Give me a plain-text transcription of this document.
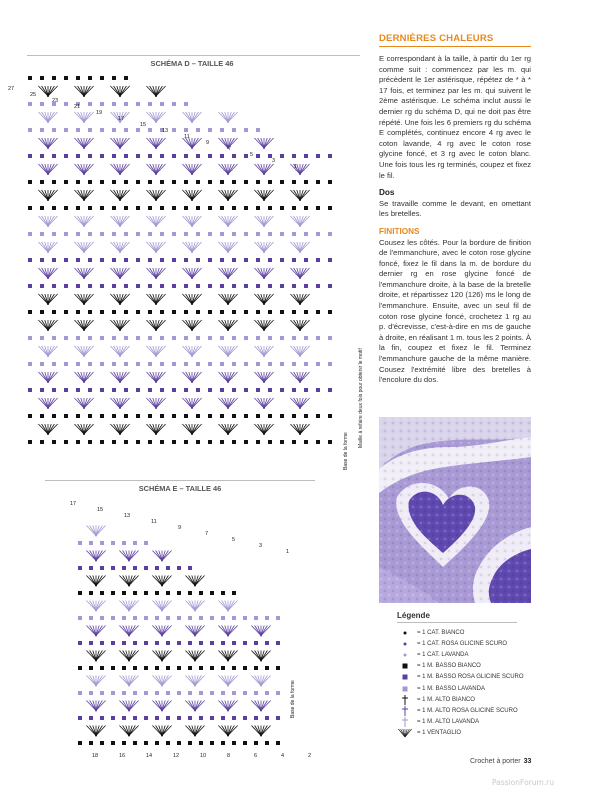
DERNIÈRES CHALEURS
SCHÉMA D – TAILLE 46
27
25
23
21
19
17
15
13
11
9
7
5
3
1
Maille à refaire deux fois pour obtenir le motif
Base de la forme
SCHÉMA E – TAILLE 46
17
15
13
11
9
7
5
3
1
18	16	14	12	10	8	6	4	2
Base de la forme

E correspondant à la taille, à partir du 1er rg comme suit : commencez par les m. qui précèdent le 1er astérisque, répétez de * à * 17 fois, et terminez par les m. qui suivent le 2ème astérisque. Le schéma inclut aussi le dernier rg du schéma D, qui ne doit pas être répété. Une fois les 6 premiers rg du schéma E complétés, continuez encore 4 rg avec le coton lavande, 4 rg avec le coton rose glycine foncé, et 3 rg avec le coton blanc. Une fois tous les rg terminés, coupez et fixez le fil.

Dos

Se travaille comme le devant, en omettant les bretelles.

FINITIONS

Cousez les côtés. Pour la bordure de finition de l'emmanchure, avec le coton rose glycine foncé, fixez le fil dans la m. de bordure du dernier rg en rose glycine foncé de l'emmanchure droite, à la base de la bretelle droite, et répartissez 120 (126) ms le long de l'emmanchure. Ensuite, avec un seul fil de coton rose glycine foncé, crochetez 1 rg au p. d'écrevisse, c'est-à-dire en ms de gauche à droite, en réalisant 1 m. tous les 2 points. À la fin, coupez et fixez le fil. Terminez l'emmanchure gauche de la même manière. Cousez l'extrémité libre des bretelles à l'encolure du dos.

Légende
= 1 CAT. BIANCO
= 1 CAT. ROSA GLICINE SCURO
= 1 CAT. LAVANDA
= 1 M. BASSO BIANCO
= 1 M. BASSO ROSA GLICINE SCURO
= 1 M. BASSO LAVANDA
= 1 M. ALTO BIANCO
= 1 M. ALTO ROSA GLICINE SCURO
= 1 M. ALTO LAVANDA
= 1 VENTAGLIO
Crochet à porter 33
PassionForum.ru
